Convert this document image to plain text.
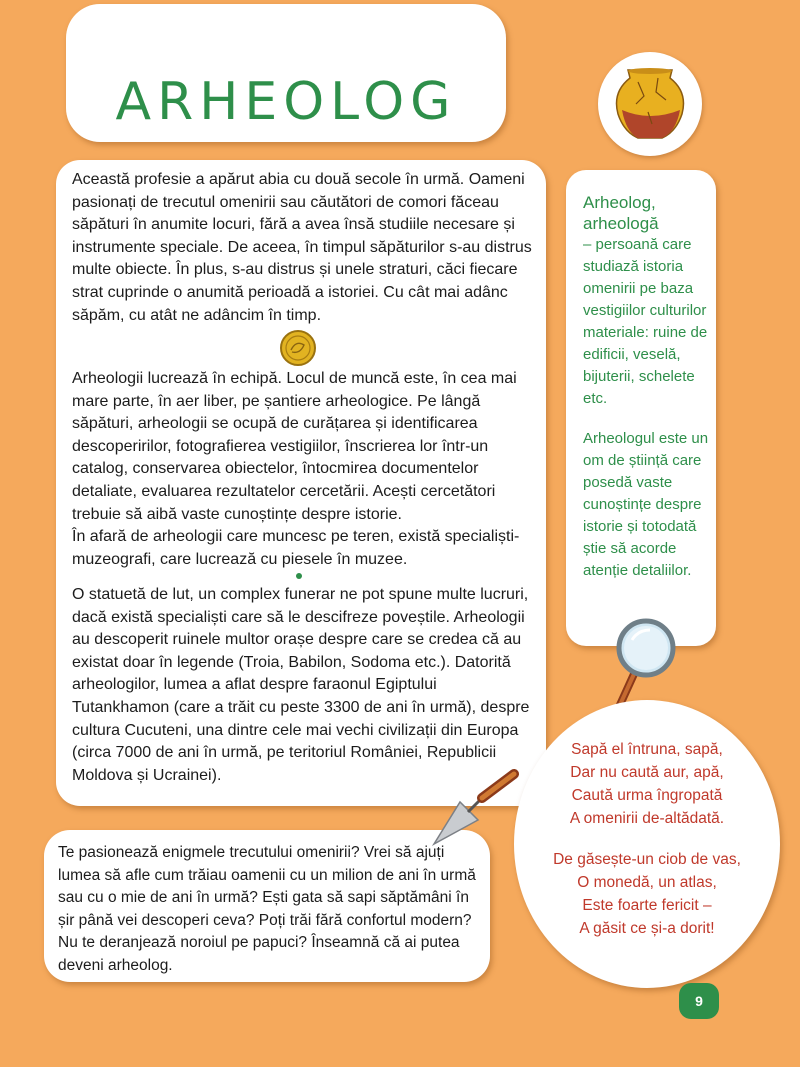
ARHEOLOG

Această profesie a apărut abia cu două secole în urmă. Oameni pasionați de trecutul omenirii sau căutători de comori făceau săpături în anumite locuri, fără a avea însă studiile necesare și instrumente speciale. De aceea, în timpul săpăturilor s-au distrus multe obiecte. În plus, s-au distrus și unele straturi, căci fiecare strat cuprinde o anumită perioadă a istoriei. Cu cât mai adânc săpăm, cu atât ne adâncim în timp.

Arheologii lucrează în echipă. Locul de muncă este, în cea mai mare parte, în aer liber, pe șantiere arheologice. Pe lângă săpături, arheologii se ocupă de curățarea și identificarea descoperirilor, fotografierea vestigiilor, înscrierea lor într-un catalog, conservarea obiectelor, întocmirea documentelor detaliate, evaluarea rezultatelor cercetării. Acești cercetători trebuie să aibă vaste cunoștințe despre istorie.
În afară de arheologii care muncesc pe teren, există specialiști-muzeografi, care lucrează cu piesele în muzee.

O statuetă de lut, un complex funerar ne pot spune multe lucruri, dacă există specialiști care să le descifreze poveștile. Arheologii au descoperit ruinele multor orașe despre care se credea că au existat doar în legende (Troia, Babilon, Sodoma etc.). Datorită arheologilor, lumea a aflat despre faraonul Egiptului Tutankhamon (care a trăit cu peste 3300 de ani în urmă), despre cultura Cucuteni, una dintre cele mai vechi civilizații din Europa (circa 7000 de ani în urmă, pe teritoriul României, Republicii Moldova și Ucrainei).

Arheolog, arheologă
– persoană care studiază istoria omenirii pe baza vestigiilor culturilor materiale: ruine de edificii, veselă, bijuterii, schelete etc.
Arheologul este un om de știință care posedă vaste cunoștințe despre istorie și totodată știe să acorde atenție detaliilor.

Te pasionează enigmele trecutului omenirii? Vrei să ajuți lumea să afle cum trăiau oamenii cu un milion de ani în urmă sau cu o mie de ani în urmă? Ești gata să sapi săptămâni în șir până vei descoperi ceva? Poți trăi fără confortul modern? Nu te deranjează noroiul pe papuci? Înseamnă că ai putea deveni arheolog.

Sapă el întruna, sapă,
Dar nu caută aur, apă,
Caută urma îngropată
A omenirii de-altădată.

De găsește-un ciob de vas,
O monedă, un atlas,
Este foarte fericit –
A găsit ce și-a dorit!

9
